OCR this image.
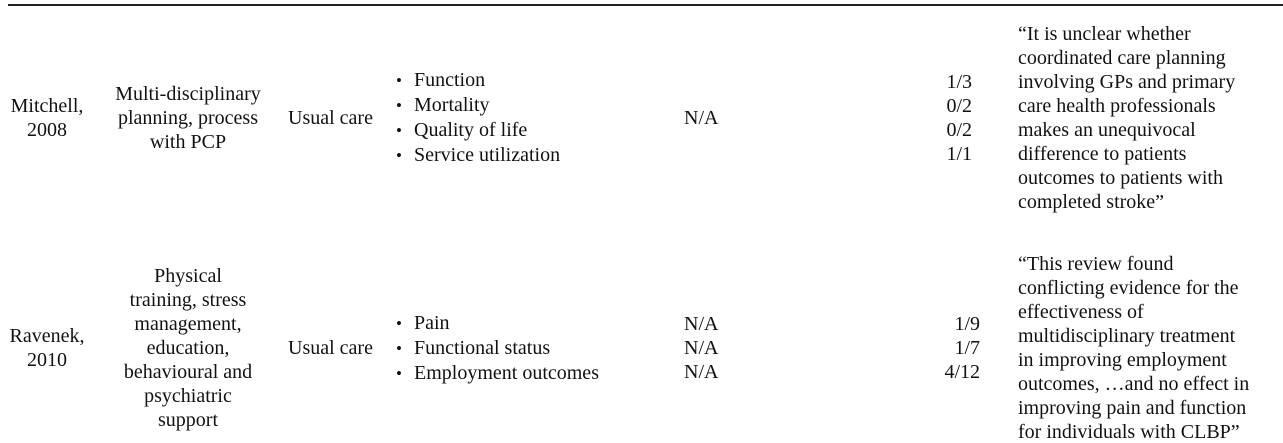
Mitchell,
2008
Multi-disciplinary
planning, process
with PCP
Usual care
• Function
• Mortality
• Quality of life
• Service utilization
N/A
1/3
0/2
0/2
1/1
“It is unclear whether
coordinated care planning
involving GPs and primary
care health professionals
makes an unequivocal
difference to patients
outcomes to patients with
completed stroke”
Ravenek,
2010
Physical
training, stress
management,
education,
behavioural and
psychiatric
support
Usual care
• Pain
• Functional status
• Employment outcomes
N/A
N/A
N/A
1/9
1/7
4/12
“This review found
conflicting evidence for the
effectiveness of
multidisciplinary treatment
in improving employment
outcomes, …and no effect in
improving pain and function
for individuals with CLBP”
